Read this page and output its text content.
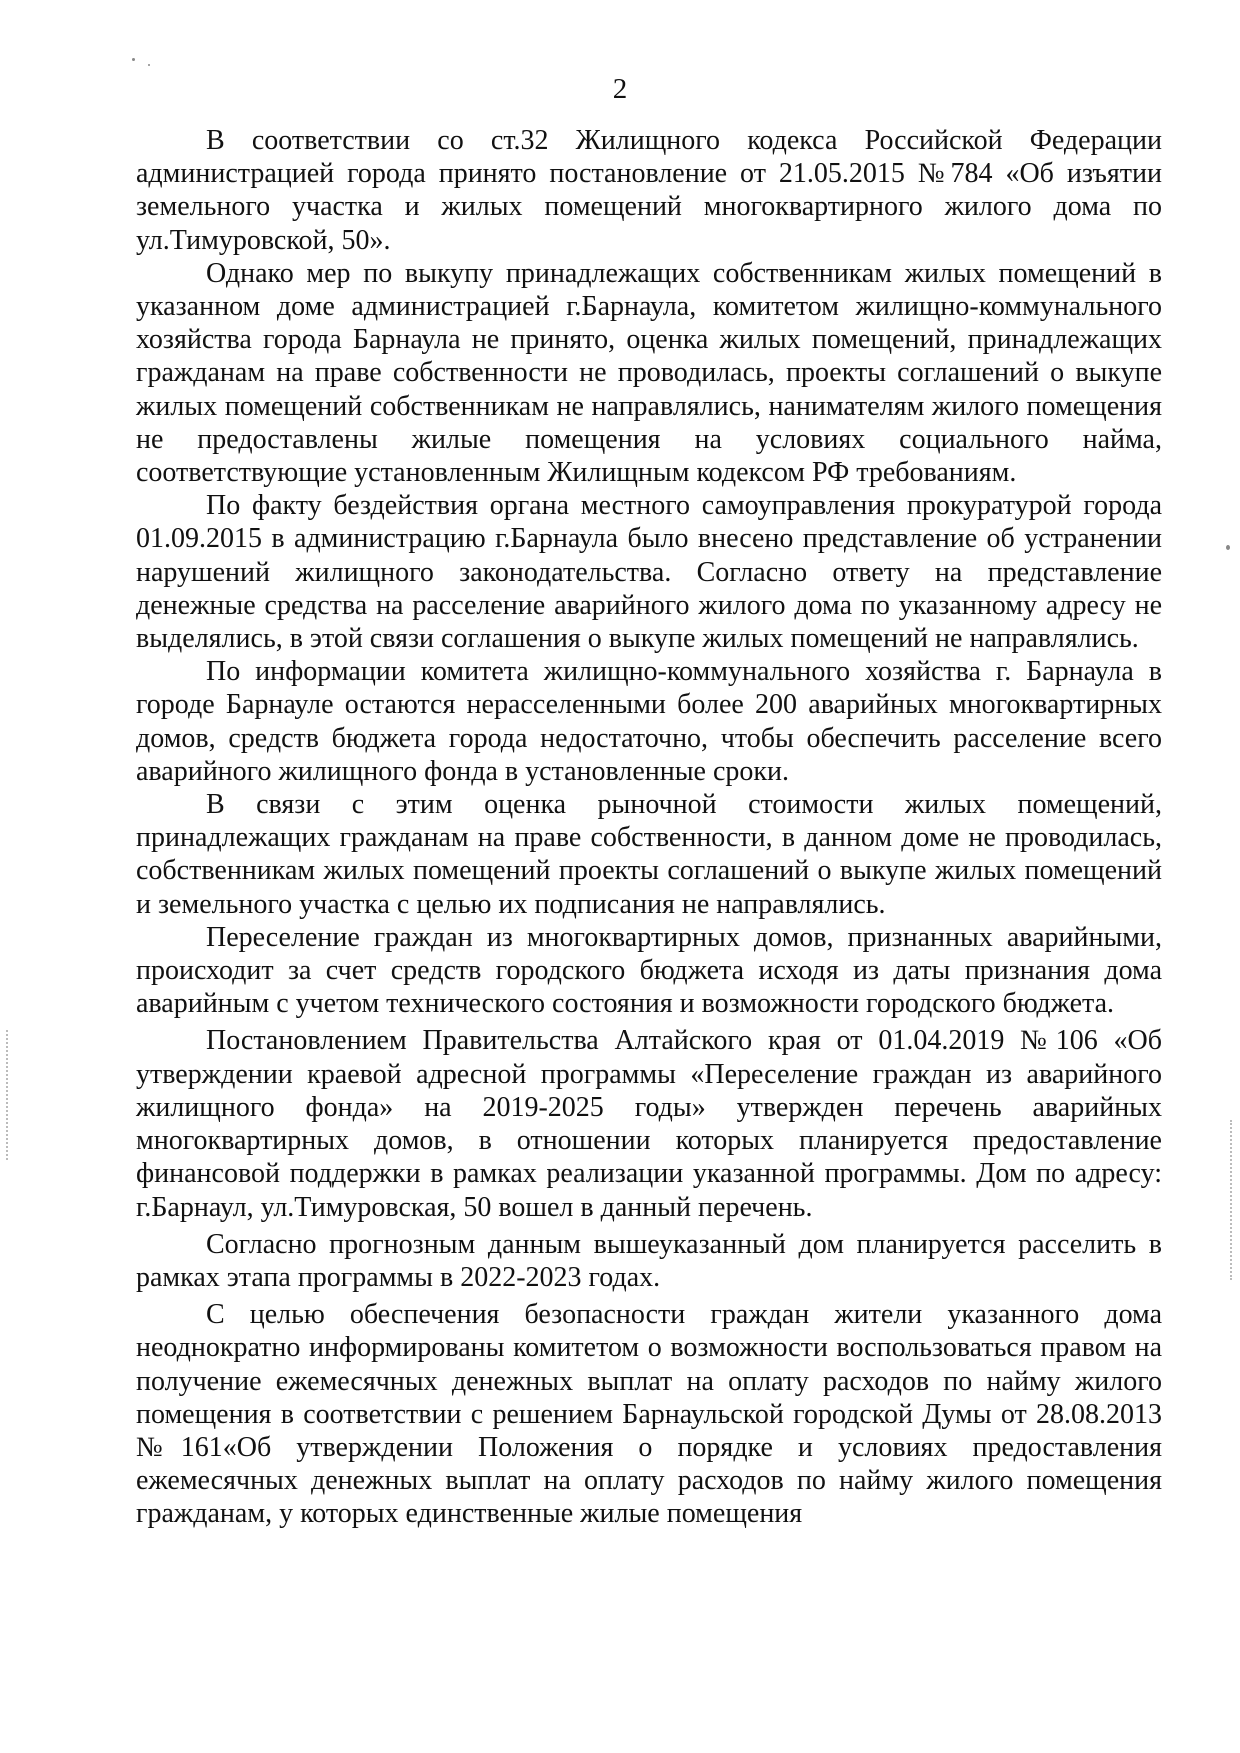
2

В соответствии со ст.32 Жилищного кодекса Российской Федерации администрацией города принято постановление от 21.05.2015 №784 «Об изъятии земельного участка и жилых помещений многоквартирного жилого дома по ул.Тимуровской, 50».

Однако мер по выкупу принадлежащих собственникам жилых помещений в указанном доме администрацией г.Барнаула, комитетом жилищно-коммунального хозяйства города Барнаула не принято, оценка жилых помещений, принадлежащих гражданам на праве собственности не проводилась, проекты соглашений о выкупе жилых помещений собственникам не направлялись, нанимателям жилого помещения не предоставлены жилые помещения на условиях социального найма, соответствующие установленным Жилищным кодексом РФ требованиям.

По факту бездействия органа местного самоуправления прокуратурой города 01.09.2015 в администрацию г.Барнаула было внесено представление об устранении нарушений жилищного законодательства. Согласно ответу на представление денежные средства на расселение аварийного жилого дома по указанному адресу не выделялись, в этой связи соглашения о выкупе жилых помещений не направлялись.

По информации комитета жилищно-коммунального хозяйства г. Барнаула в городе Барнауле остаются нерасселенными более 200 аварийных многоквартирных домов, средств бюджета города недостаточно, чтобы обеспечить расселение всего аварийного жилищного фонда в установленные сроки.

В связи с этим оценка рыночной стоимости жилых помещений, принадлежащих гражданам на праве собственности, в данном доме не проводилась, собственникам жилых помещений проекты соглашений о выкупе жилых помещений и земельного участка с целью их подписания не направлялись.

Переселение граждан из многоквартирных домов, признанных аварийными, происходит за счет средств городского бюджета исходя из даты признания дома аварийным с учетом технического состояния и возможности городского бюджета.

Постановлением Правительства Алтайского края от 01.04.2019 №106 «Об утверждении краевой адресной программы «Переселение граждан из аварийного жилищного фонда» на 2019-2025 годы» утвержден перечень аварийных многоквартирных домов, в отношении которых планируется предоставление финансовой поддержки в рамках реализации указанной программы. Дом по адресу: г.Барнаул, ул.Тимуровская, 50 вошел в данный перечень.

Согласно прогнозным данным вышеуказанный дом планируется расселить в рамках этапа программы в 2022-2023 годах.

С целью обеспечения безопасности граждан жители указанного дома неоднократно информированы комитетом о возможности воспользоваться правом на получение ежемесячных денежных выплат на оплату расходов по найму жилого помещения в соответствии с решением Барнаульской городской Думы от 28.08.2013 №161«Об утверждении Положения о порядке и условиях предоставления ежемесячных денежных выплат на оплату расходов по найму жилого помещения гражданам, у которых единственные жилые помещения
